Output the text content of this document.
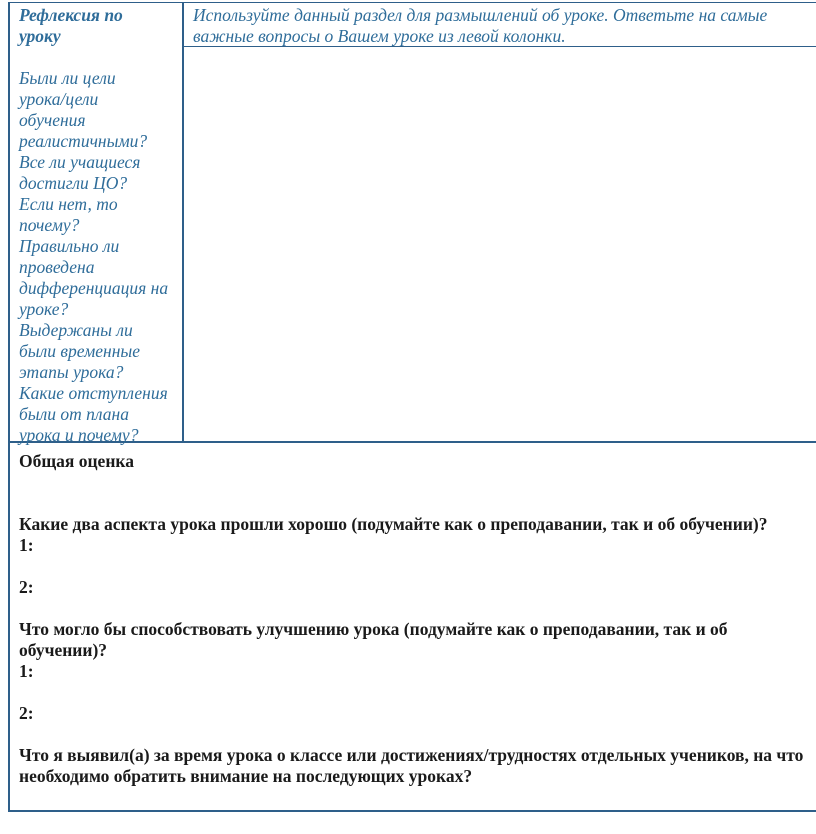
Рефлексия по
уроку
Были ли цели
урока/цели
обучения
реалистичными?
Все ли учащиеся
достигли ЦО?
Если нет, то
почему?
Правильно ли
проведена
дифференциация на
уроке?
Выдержаны ли
были временные
этапы урока?
Какие отступления
были от плана
урока и почему?
Используйте данный раздел для размышлений об уроке. Ответьте на самые важные вопросы о Вашем уроке из левой колонки.

Общая оценка

Какие два аспекта урока прошли хорошо (подумайте как о преподавании, так и об обучении)?

1:

2:

Что могло бы способствовать улучшению урока (подумайте как о преподавании, так и об обучении)?

1:

2:

Что я выявил(а) за время урока о классе или достижениях/трудностях отдельных учеников, на что необходимо обратить внимание на последующих уроках?
